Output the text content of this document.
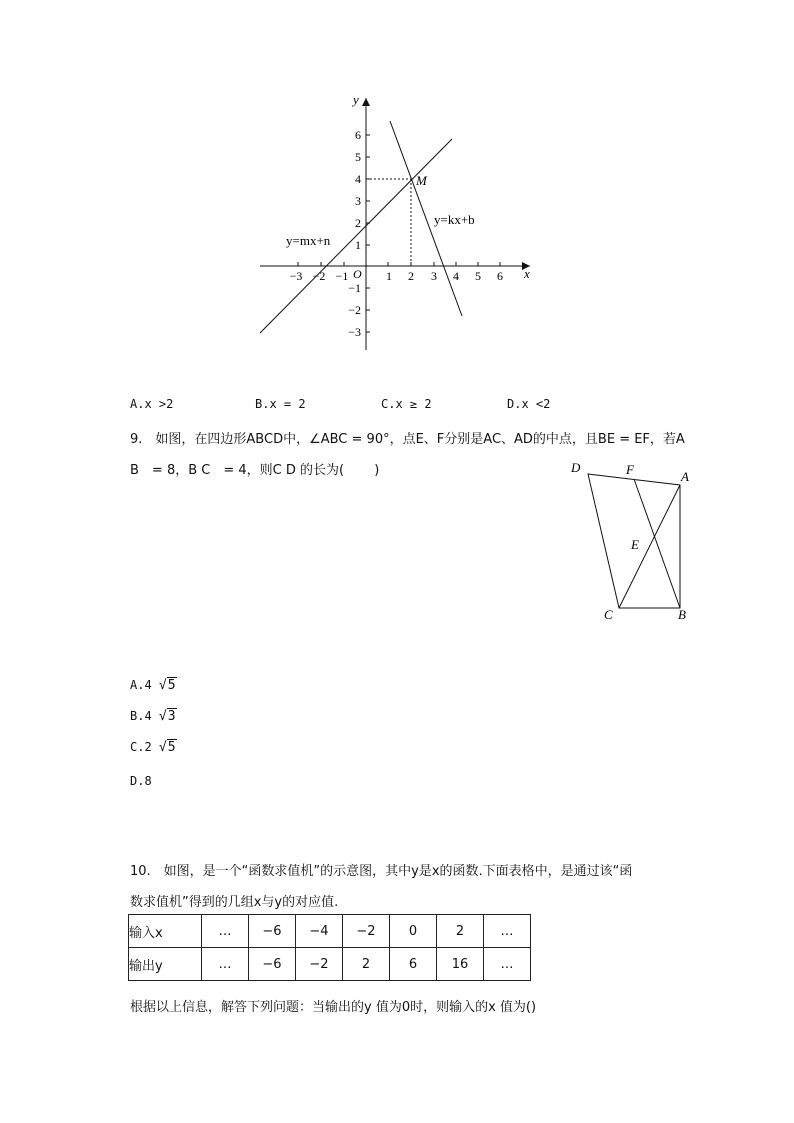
y
x
O
−3 −2 −1	1 2 3 4 5 6
6
5
4
3
2
1
−1
−2
−3
M
y=mx+n
y=kx+b
A.x >2	B.x = 2	C.x ≥ 2	D.x <2
9.　如图，在四边形ABCD中，∠ABC = 90°，点E、F分别是AC、AD的中点，且BE = EF，若A
B　= 8，B C　= 4，则C D 的长为(　　 )	D	F	A
E
C	B
A.4 √5
B.4 √3
C.2 √5
D.8
10.　如图，是一个“函数求值机”的示意图，其中y是x的函数.下面表格中，是通过该“函
数求值机”得到的几组x与y的对应值.
输入x	…	−6	−4	−2	0	2	…
输出y	…	−6	−2	2	6	16	…
根据以上信息，解答下列问题：当输出的y 值为0时，则输入的x 值为()
